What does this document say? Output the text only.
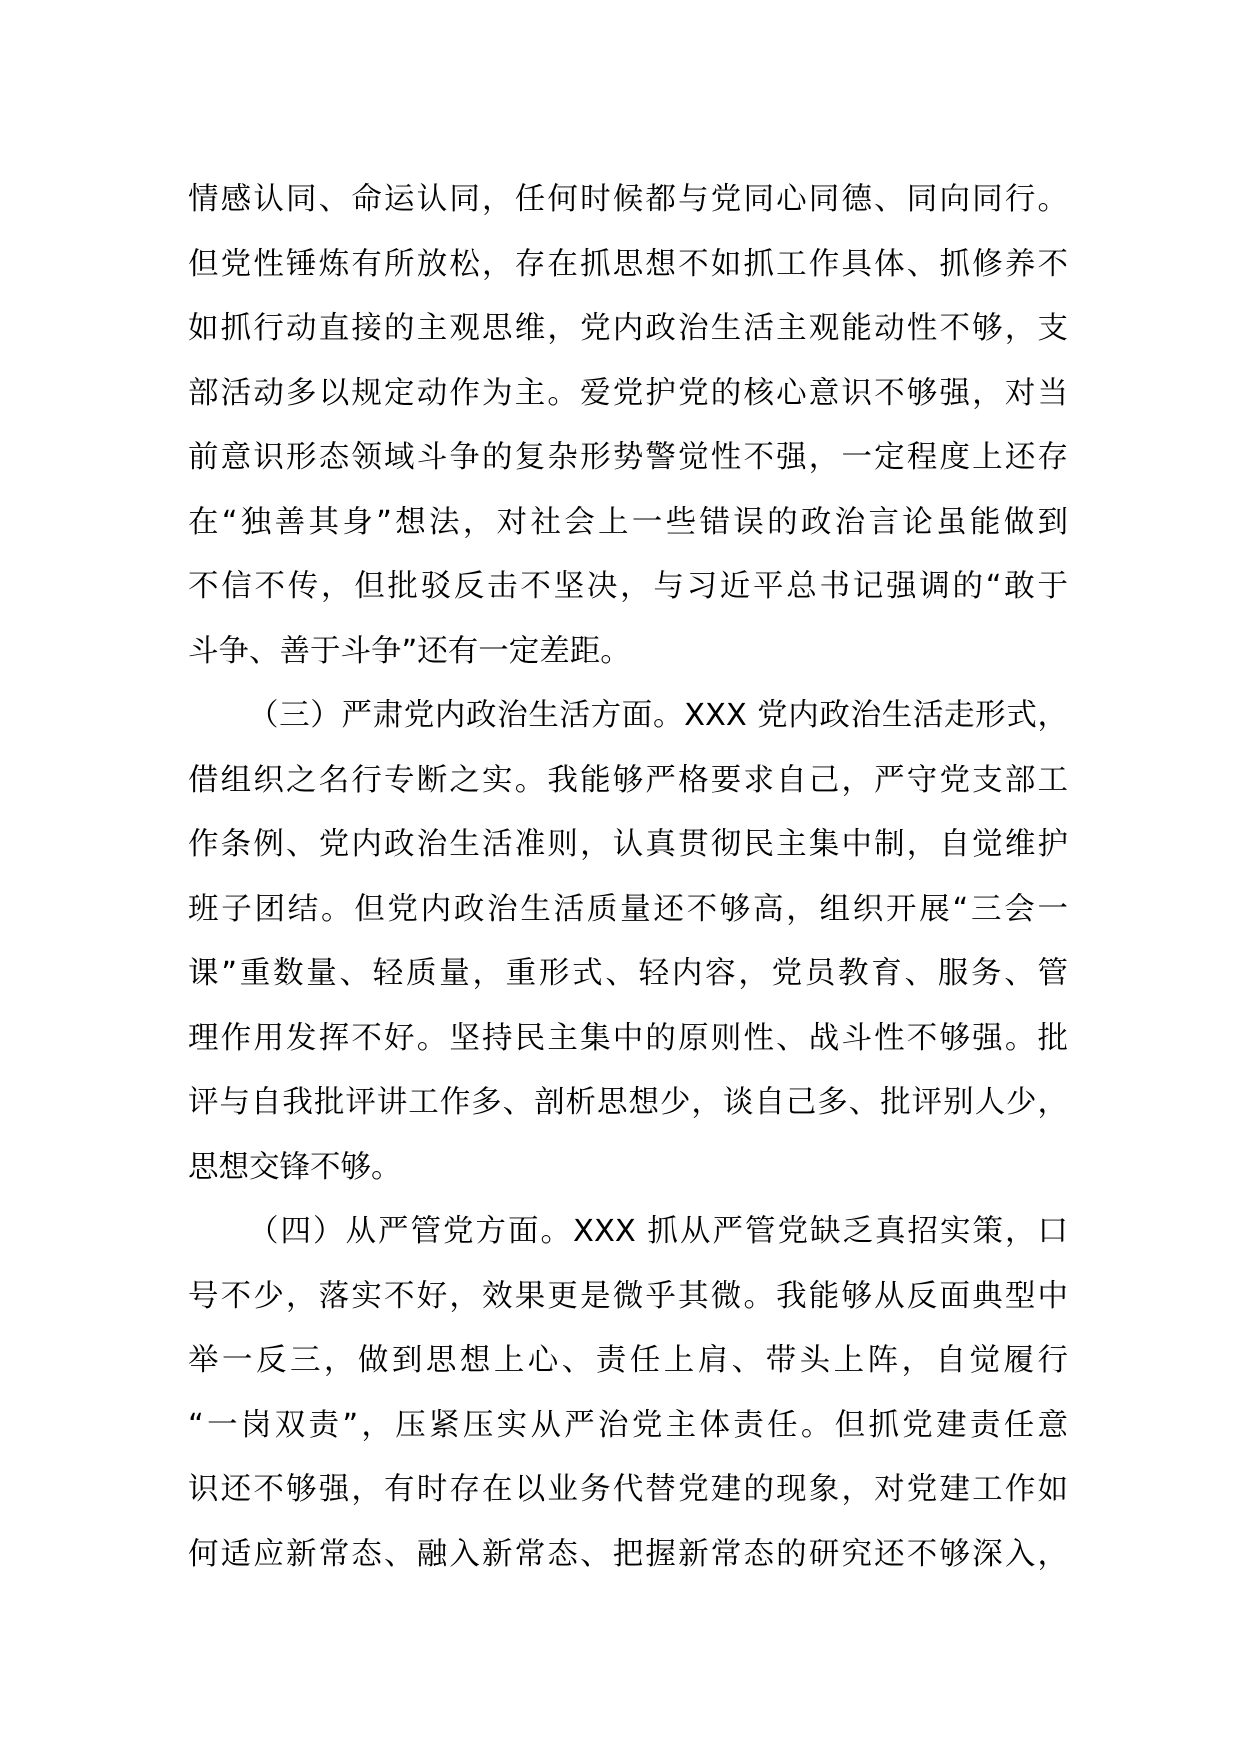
情感认同、命运认同，任何时候都与党同心同德、同向同行。
但党性锤炼有所放松，存在抓思想不如抓工作具体、抓修养不
如抓行动直接的主观思维，党内政治生活主观能动性不够，支
部活动多以规定动作为主。爱党护党的核心意识不够强，对当
前意识形态领域斗争的复杂形势警觉性不强，一定程度上还存
在“独善其身”想法，对社会上一些错误的政治言论虽能做到
不信不传，但批驳反击不坚决，与习近平总书记强调的“敢于
斗争、善于斗争”还有一定差距。
（三）严肃党内政治生活方面。XXX 党内政治生活走形式，
借组织之名行专断之实。我能够严格要求自己，严守党支部工
作条例、党内政治生活准则，认真贯彻民主集中制，自觉维护
班子团结。但党内政治生活质量还不够高，组织开展“三会一
课”重数量、轻质量，重形式、轻内容，党员教育、服务、管
理作用发挥不好。坚持民主集中的原则性、战斗性不够强。批
评与自我批评讲工作多、剖析思想少，谈自己多、批评别人少，
思想交锋不够。
（四）从严管党方面。XXX 抓从严管党缺乏真招实策，口
号不少，落实不好，效果更是微乎其微。我能够从反面典型中
举一反三，做到思想上心、责任上肩、带头上阵，自觉履行
“一岗双责”，压紧压实从严治党主体责任。但抓党建责任意
识还不够强，有时存在以业务代替党建的现象，对党建工作如
何适应新常态、融入新常态、把握新常态的研究还不够深入，
